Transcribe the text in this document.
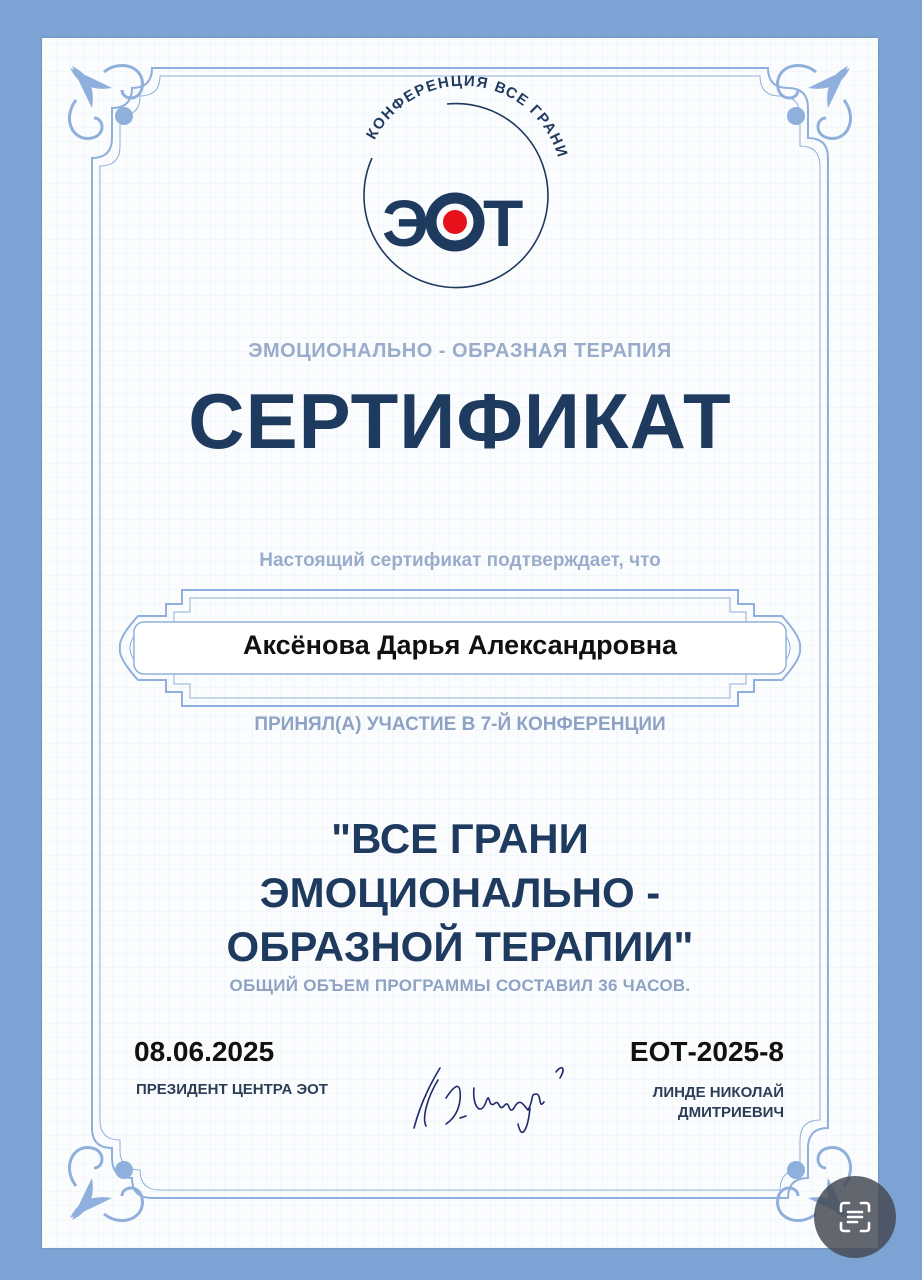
КОНФЕРЕНЦИЯ ВСЕ ГРАНИ
Э Т
ЭМОЦИОНАЛЬНО - ОБРАЗНАЯ ТЕРАПИЯ
СЕРТИФИКАТ
Настоящий сертификат подтверждает, что
Аксёнова Дарья Александровна
ПРИНЯЛ(А) УЧАСТИЕ В 7-Й КОНФЕРЕНЦИИ
"ВСЕ ГРАНИ
ЭМОЦИОНАЛЬНО -
ОБРАЗНОЙ ТЕРАПИИ"
ОБЩИЙ ОБЪЕМ ПРОГРАММЫ СОСТАВИЛ 36 ЧАСОВ.
08.06.2025
ПРЕЗИДЕНТ ЦЕНТРА ЭОТ
ЕОТ-2025-8
ЛИНДЕ НИКОЛАЙ
ДМИТРИЕВИЧ
